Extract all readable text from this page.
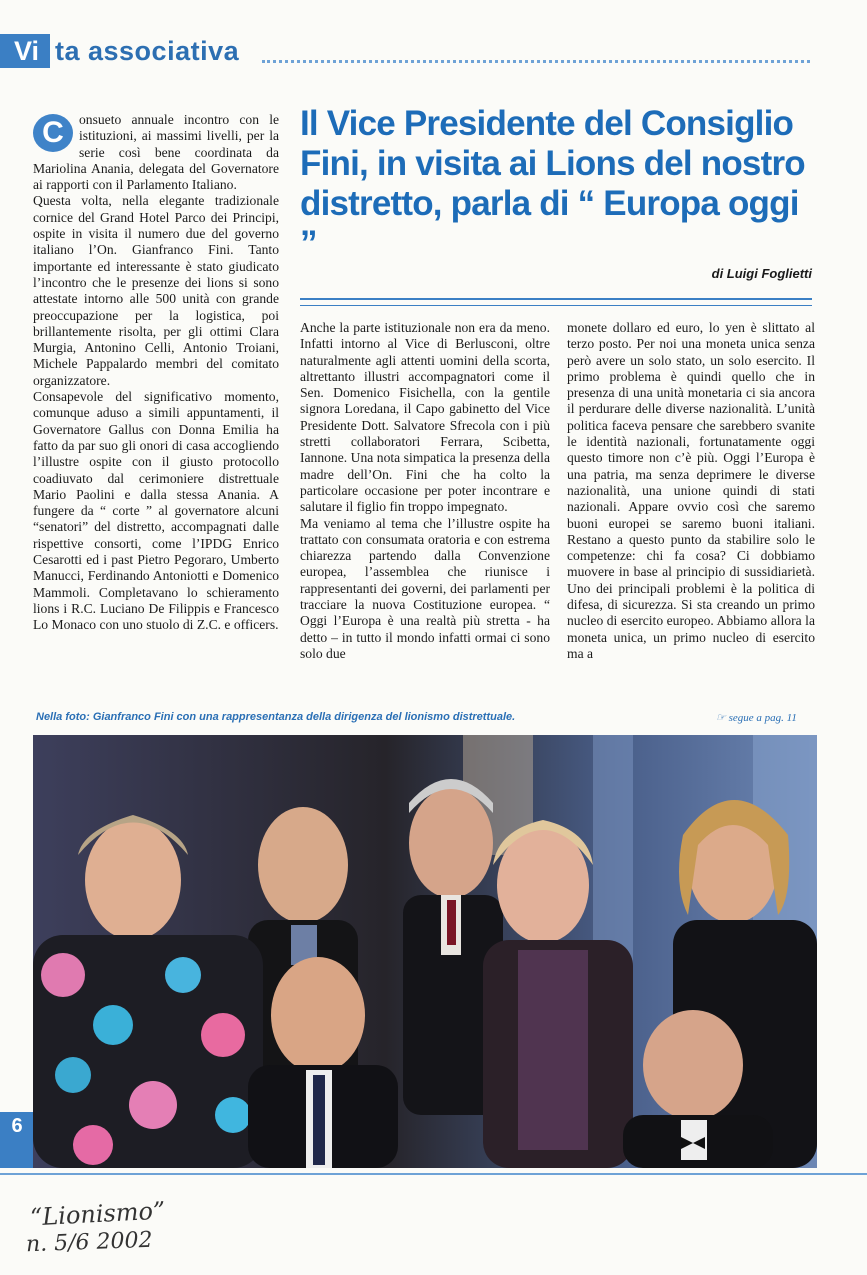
Vi ta associativa
C	onsueto annuale incontro con le istituzioni, ai massimi livelli, per la serie così bene coordinata da Mariolina Anania, delegata del Governatore ai rapporti con il Parlamento Italiano.

Questa volta, nella elegante tradizionale cornice del Grand Hotel Parco dei Principi, ospite in visita il numero due del governo italiano l’On. Gianfranco Fini. Tanto importante ed interessante è stato giudicato l’incontro che le presenze dei lions si sono attestate intorno alle 500 unità con grande preoccupazione per la logistica, poi brillantemente risolta, per gli ottimi Clara Murgia, Antonino Celli, Antonio Troiani, Michele Pappalardo membri del comitato organizzatore.

Consapevole del significativo momento, comunque aduso a simili appuntamenti, il Governatore Gallus con Donna Emilia ha fatto da par suo gli onori di casa accogliendo l’illustre ospite con il giusto protocollo coadiuvato dal cerimoniere distrettuale Mario Paolini e dalla stessa Anania. A fungere da “ corte ” al governatore alcuni “senatori” del distretto, accompagnati dalle rispettive consorti, come l’IPDG Enrico Cesarotti ed i past Pietro Pegoraro, Umberto Manucci, Ferdinando Antoniotti e Domenico Mammoli. Completavano lo schieramento lions i R.C. Luciano De Filippis e Francesco Lo Monaco con uno stuolo di Z.C. e officers.

Il Vice Presidente del Consiglio Fini, in visita ai Lions del nostro distretto, parla di “ Europa oggi ”
di Luigi Foglietti

Anche la parte istituzionale non era da meno. Infatti intorno al Vice di Berlusconi, oltre naturalmente agli attenti uomini della scorta, altrettanto illustri accompagnatori come il Sen. Domenico Fisichella, con la gentile signora Loredana, il Capo gabinetto del Vice Presidente Dott. Salvatore Sfrecola con i più stretti collaboratori Ferrara, Scibetta, Iannone. Una nota simpatica la presenza della madre dell’On. Fini che ha colto la particolare occasione per poter incontrare e salutare il figlio fin troppo impegnato.

Ma veniamo al tema che l’illustre ospite ha trattato con consumata oratoria e con estrema chiarezza partendo dalla Convenzione europea, l’assemblea che riunisce i rappresentanti dei governi, dei parlamenti per tracciare la nuova Costituzione europea. “ Oggi l’Europa è una realtà più stretta - ha detto – in tutto il mondo infatti ormai ci sono solo due

monete dollaro ed euro, lo yen è slittato al terzo posto. Per noi una moneta unica senza però avere un solo stato, un solo esercito. Il primo problema è quindi quello che in presenza di una unità monetaria ci sia ancora il perdurare delle diverse nazionalità. L’unità politica faceva pensare che sarebbero svanite le identità nazionali, fortunatamente oggi questo timore non c’è più. Oggi l’Europa è una patria, ma senza deprimere le diverse nazionalità, una unione quindi di stati nazionali. Appare ovvio così che saremo buoni europei se saremo buoni italiani. Restano a questo punto da stabilire solo le competenze: chi fa cosa? Ci dobbiamo muovere in base al principio di sussidiarietà. Uno dei principali problemi è la politica di difesa, di sicurezza. Si sta creando un primo nucleo di esercito europeo. Abbiamo allora la moneta unica, un primo nucleo di esercito ma a

Nella foto: Gianfranco Fini con una rappresentanza della dirigenza del lionismo distrettuale.	☞ segue a pag. 11
6
“Lionismo”
n. 5/6 2002
